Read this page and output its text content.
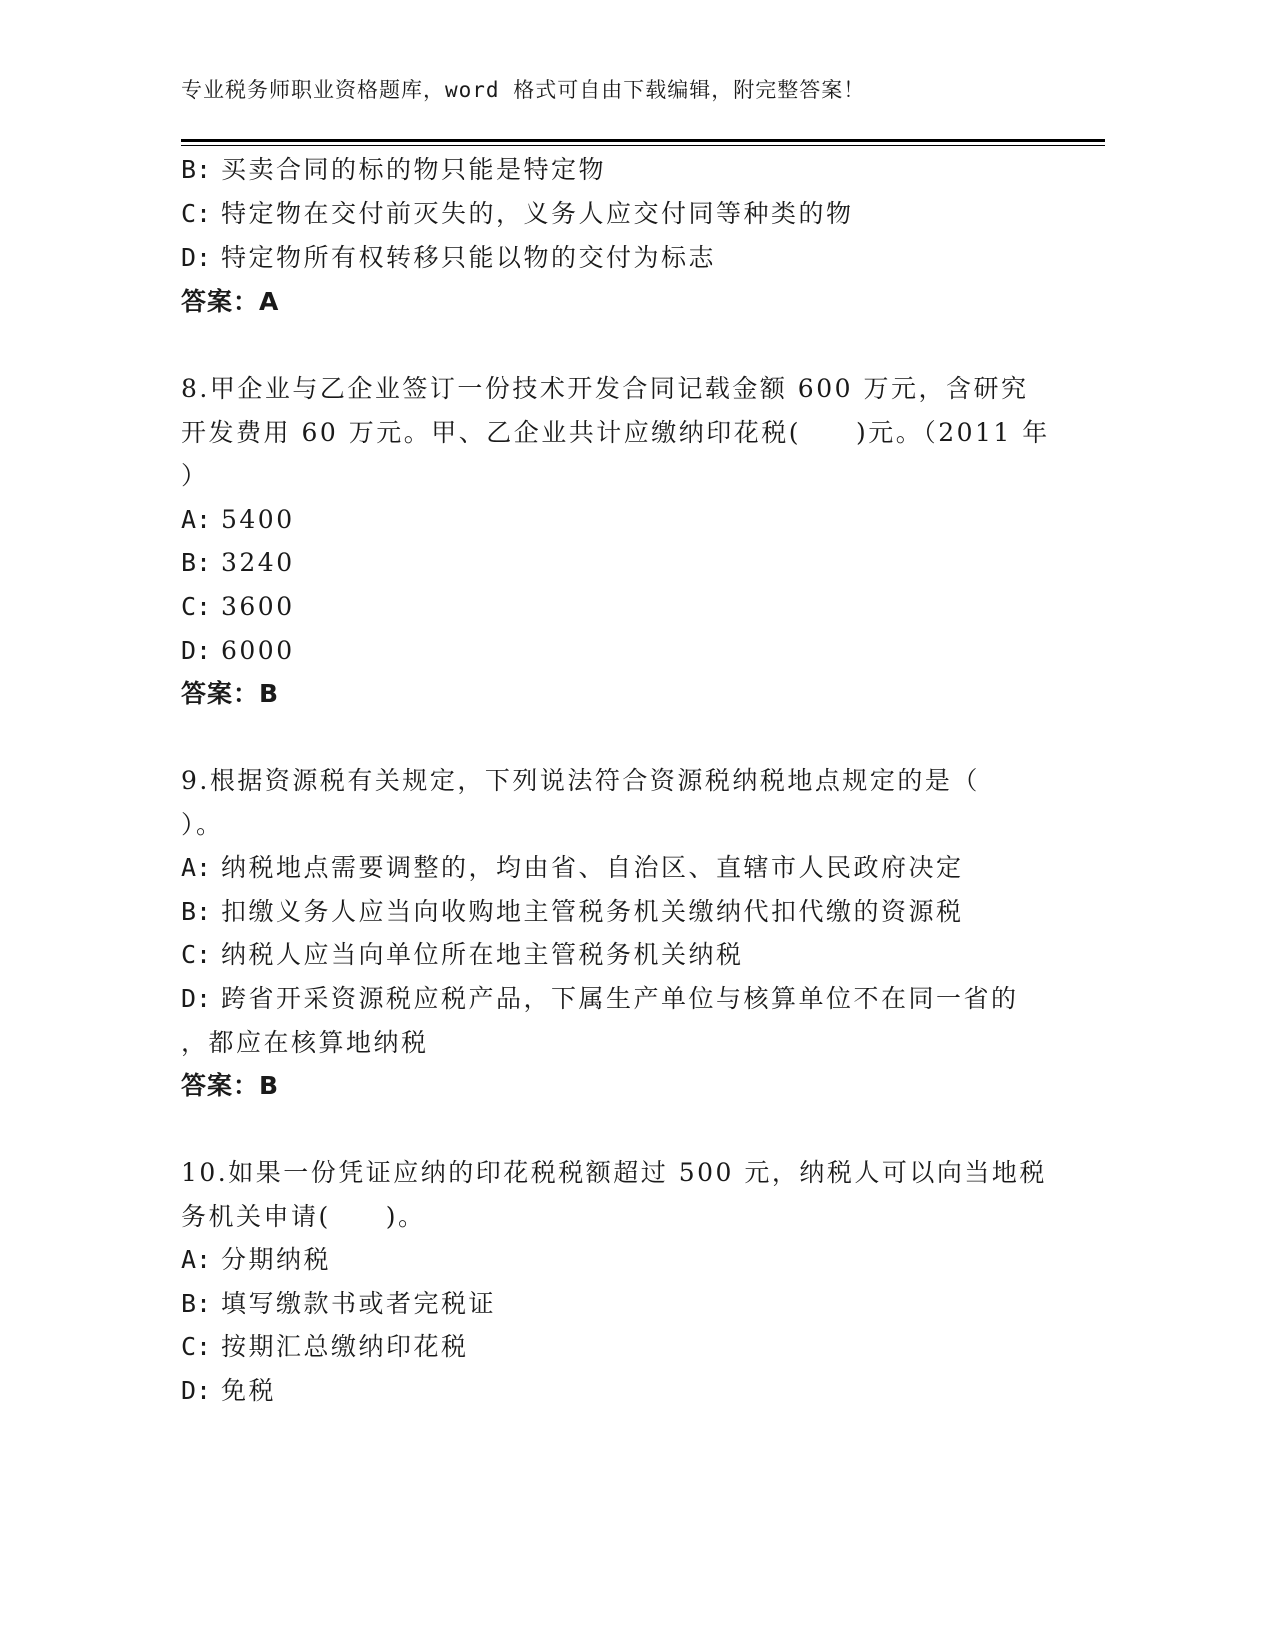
专业税务师职业资格题库，word 格式可自由下载编辑，附完整答案！
B: 买卖合同的标的物只能是特定物
C: 特定物在交付前灭失的，义务人应交付同等种类的物
D: 特定物所有权转移只能以物的交付为标志
答案：A
8.甲企业与乙企业签订一份技术开发合同记载金额 600 万元，含研究
开发费用 60 万元。甲、乙企业共计应缴纳印花税(　　)元。（2011 年
）
A: 5400
B: 3240
C: 3600
D: 6000
答案：B
9.根据资源税有关规定，下列说法符合资源税纳税地点规定的是（
）。
A: 纳税地点需要调整的，均由省、自治区、直辖市人民政府决定
B: 扣缴义务人应当向收购地主管税务机关缴纳代扣代缴的资源税
C: 纳税人应当向单位所在地主管税务机关纳税
D: 跨省开采资源税应税产品，下属生产单位与核算单位不在同一省的
，都应在核算地纳税
答案：B
10.如果一份凭证应纳的印花税税额超过 500 元，纳税人可以向当地税
务机关申请(　　)。
A: 分期纳税
B: 填写缴款书或者完税证
C: 按期汇总缴纳印花税
D: 免税
